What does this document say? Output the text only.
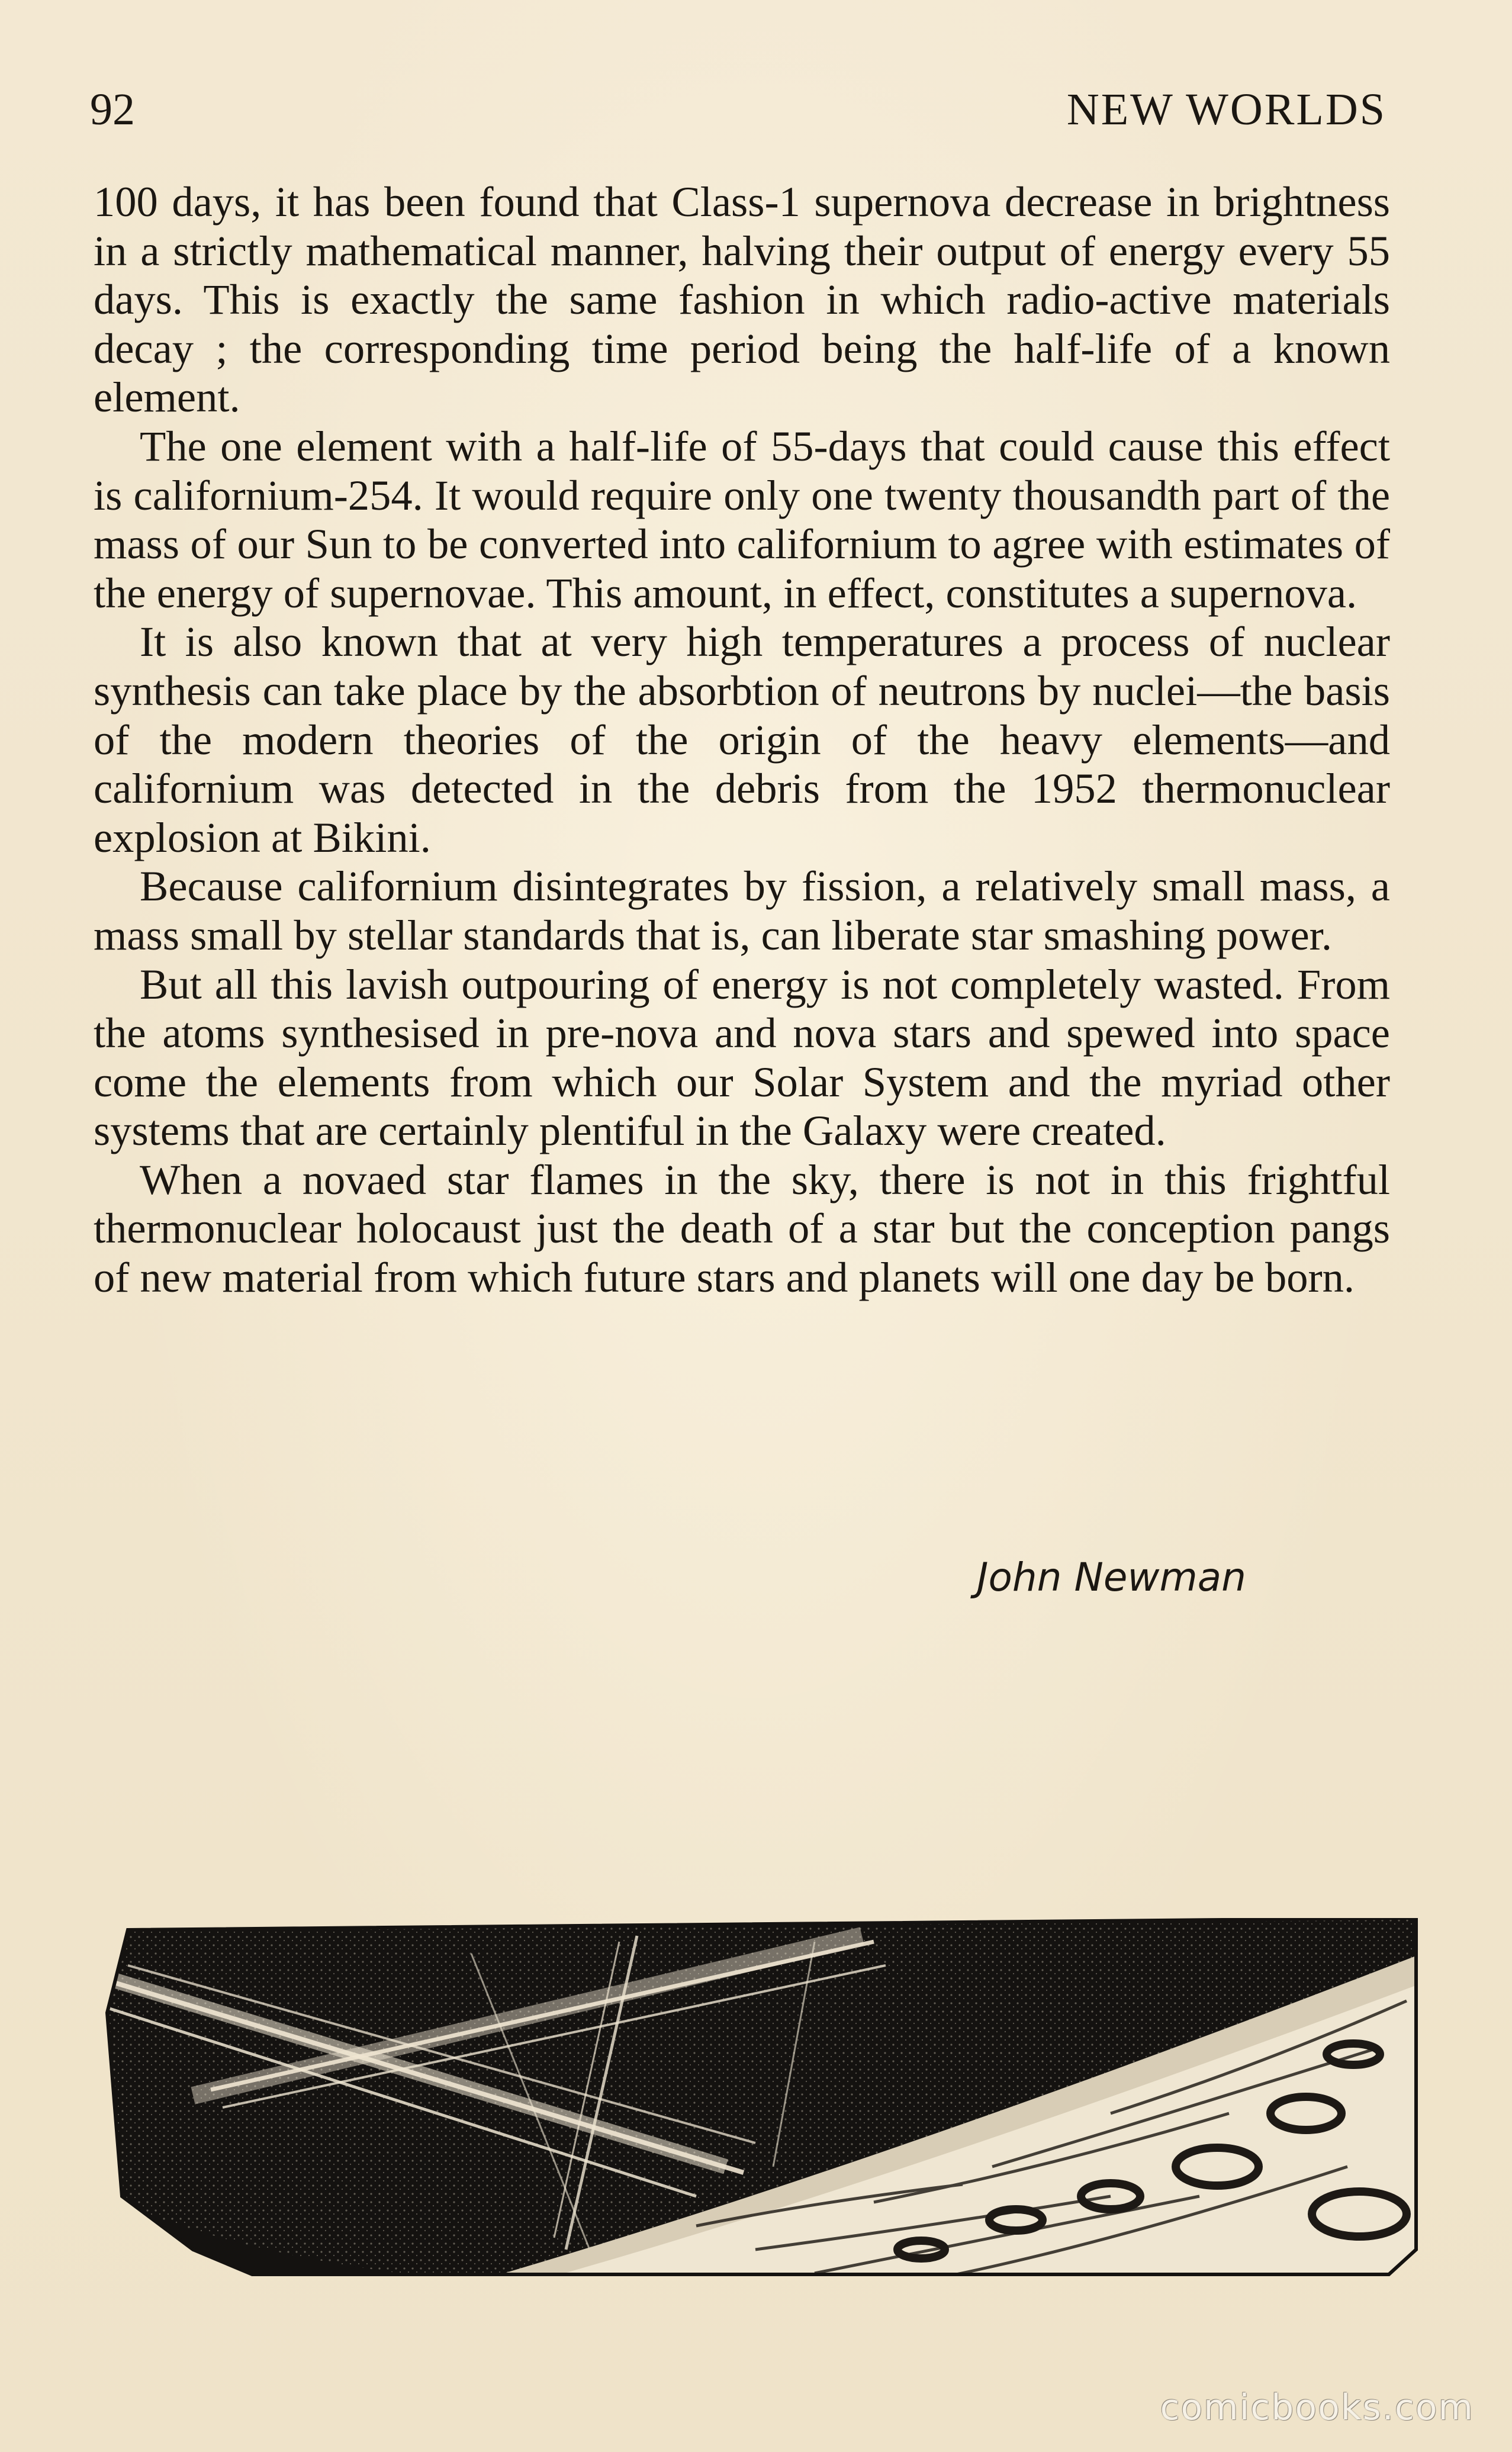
92	NEW WORLDS

100 days, it has been found that Class-1 supernova decrease in brightness in a strictly mathematical manner, halving their output of energy every 55 days. This is exactly the same fashion in which radio-active materials decay ; the corresponding time period being the half-life of a known element.

The one element with a half-life of 55-days that could cause this effect is californium-254. It would require only one twenty thousandth part of the mass of our Sun to be converted into californium to agree with estimates of the energy of supernovae. This amount, in effect, constitutes a supernova.

It is also known that at very high temperatures a process of nuclear synthesis can take place by the absorbtion of neutrons by nuclei—the basis of the modern theories of the origin of the heavy elements—and californium was detected in the debris from the 1952 thermonuclear explosion at Bikini.

Because californium disintegrates by fission, a relatively small mass, a mass small by stellar standards that is, can liberate star smashing power.

But all this lavish outpouring of energy is not completely wasted. From the atoms synthesised in pre-nova and nova stars and spewed into space come the elements from which our Solar System and the myriad other systems that are certainly plentiful in the Galaxy were created.

When a novaed star flames in the sky, there is not in this frightful thermonuclear holocaust just the death of a star but the conception pangs of new material from which future stars and planets will one day be born.

John Newman
comicbooks.com
